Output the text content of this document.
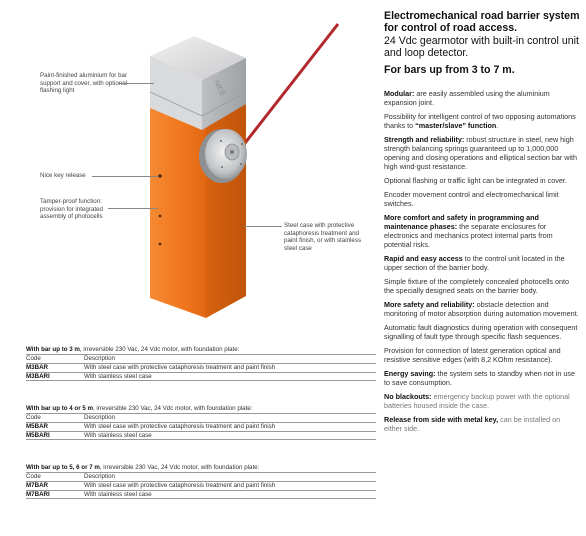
NICE
Paint-finished aluminium for bar support and cover, with optional flashing light
Nice key release
Tamper-proof function: provision for integrated assembly of photocells
Steel case with protective cataphoresis treatment and paint finish, or with stainless steel case
With bar up to 3 m, irreversible 230 Vac, 24 Vdc motor, with foundation plate:
Code	Description
M3BAR	With steel case with protective cataphoresis treatment and paint finish
M3BARI	With stainless steel case
With bar up to 4 or 5 m, irreversible 230 Vac, 24 Vdc motor, with foundation plate:
Code	Description
M5BAR	With steel case with protective cataphoresis treatment and paint finish
M5BARI	With stainless steel case
With bar up to 5, 6 or 7 m, irreversible 230 Vac, 24 Vdc motor, with foundation plate:
Code	Description
M7BAR	With steel case with protective cataphoresis treatment and paint finish
M7BARI	With stainless steel case
Electromechanical road barrier system for control of road access.
24 Vdc gearmotor with built-in control unit and loop detector.
For bars up from 3 to 7 m.

Modular: are easily assembled using the aluminium expansion joint.

Possibility for intelligent control of two opposing automations thanks to “master/slave” function.

Strength and reliability: robust structure in steel, new high strength balancing springs guaranteed up to 1,000,000 opening and closing operations and elliptical section bar with high wind-gust resistance.

Optional flashing or traffic light can be integrated in cover.

Encoder movement control and electromechanical limit switches.

More comfort and safety in programming and maintenance phases: the separate enclosures for electronics and mechanics protect internal parts from potential risks.

Rapid and easy access to the control unit located in the upper section of the barrier body.

Simple fixture of the completely concealed photocells onto the specially designed seats on the barrier body.

More safety and reliability: obstacle detection and monitoring of motor absorption during automation movement.

Automatic fault diagnostics during operation with consequent signalling of fault type through specific flash sequences.

Provision for connection of latest generation optical and resistive sensitive edges (with 8,2 KOhm resistance).

Energy saving: the system sets to standby when not in use to save consumption.

No blackouts: emergency backup power with the optional batteries housed inside the case.

Release from side with metal key, can be installed on either side.
